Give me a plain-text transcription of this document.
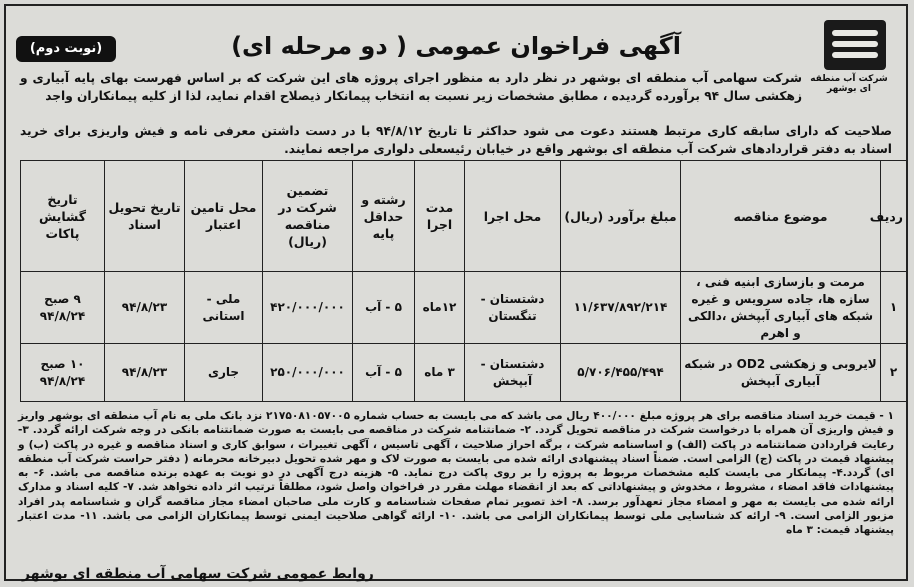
شرکت آب منطقه ای بوشهر
(نوبت دوم)	آگهی فراخوان عمومی ( دو مرحله ای)
شرکت سهامی آب منطقه ای بوشهر در نظر دارد به منظور اجرای پروژه های این شرکت که بر اساس فهرست بهای پایه آبیاری و زهکشی سال ۹۴ برآورده گردیده ، مطابق مشخصات زیر نسبت به انتخاب پیمانکار ذیصلاح اقدام نماید، لذا از کلیه پیمانکاران واجد
صلاحیت که دارای سابقه کاری مرتبط هستند دعوت می شود حداکثر تا تاریخ ۹۴/۸/۱۲ با در دست داشتن معرفی نامه و فیش واریزی برای خرید اسناد به دفتر قراردادهای شرکت آب منطقه ای بوشهر واقع در خیابان رئیسعلی دلواری مراجعه نمایند.
ردیف	موضوع مناقصه	مبلغ برآورد (ریال)	محل اجرا	مدت اجرا	رشته و حداقل پایه	تضمین شرکت در مناقصه (ریال)	محل تامین اعتبار	تاریخ تحویل اسناد	تاریخ گشایش پاکات
۱	مرمت و بازسازی ابنیه فنی ، سازه ها، جاده سرویس و غیره شبکه های آبیاری آبپخش ،دالکی و اهرم	۱۱/۶۳۷/۸۹۲/۲۱۴	دشتستان - تنگستان	۱۲ماه	۵ - آب	۴۲۰/۰۰۰/۰۰۰	ملی - استانی	۹۴/۸/۲۳	۹ صبح ۹۴/۸/۲۴
۲	لایروبی و زهکشی OD2 در شبکه آبیاری آبپخش	۵/۷۰۶/۴۵۵/۴۹۴	دشتستان - آبپخش	۳ ماه	۵ - آب	۲۵۰/۰۰۰/۰۰۰	جاری	۹۴/۸/۲۳	۱۰ صبح ۹۴/۸/۲۴
۱ - قیمت خرید اسناد مناقصه برای هر پروژه مبلغ ۴۰۰/۰۰۰ ریال می باشد که می بایست به حساب شماره ۲۱۷۵۰۸۱۰۵۷۰۰۵ نزد بانک ملی به نام آب منطقه ای بوشهر واریز و فیش واریزی آن همراه با درخواست شرکت در مناقصه تحویل گردد. ۲- ضمانتنامه شرکت در مناقصه می بایست به صورت ضمانتنامه بانکی در وجه شرکت ارائه گردد. ۳- رعایت قراردادن ضمانتنامه در پاکت (الف) و اساسنامه شرکت ، برگه احراز صلاحیت ، آگهی تاسیس ، آگهی تغییرات ، سوابق کاری و اسناد مناقصه و غیره در پاکت (ب) و پیشنهاد قیمت در پاکت (ج) الزامی است. ضمناً اسناد پیشنهادی ارائه شده می بایست به صورت لاک و مهر شده تحویل دبیرخانه محرمانه ( دفتر حراست شرکت آب منطقه ای) گردد.۴- پیمانکار می بایست کلیه مشخصات مربوط به پروژه را بر روی پاکت درج نماید. ۵- هزینه درج آگهی در دو نوبت به عهده برنده مناقصه می باشد. ۶- به پیشنهادات فاقد امضاء ، مشروط ، مخدوش و پیشنهاداتی که بعد از انقضاء مهلت مقرر در فراخوان واصل شود، مطلقاً ترتیب اثر داده نخواهد شد. ۷- کلیه اسناد و مدارک ارائه شده می بایست به مهر و امضاء مجاز تعهدآور برسد. ۸- اخذ تصویر تمام صفحات شناسنامه و کارت ملی صاحبان امضاء مجاز مناقصه گران و شناسنامه پدر افراد مزبور الزامی است. ۹- ارائه کد شناسایی ملی توسط پیمانکاران الزامی می باشد. ۱۰- ارائه گواهی صلاحیت ایمنی توسط پیمانکاران الزامی می باشد. ۱۱- مدت اعتبار پیشنهاد قیمت: ۳ ماه
روابط عمومی شرکت سهامی آب منطقه ای بوشهر
